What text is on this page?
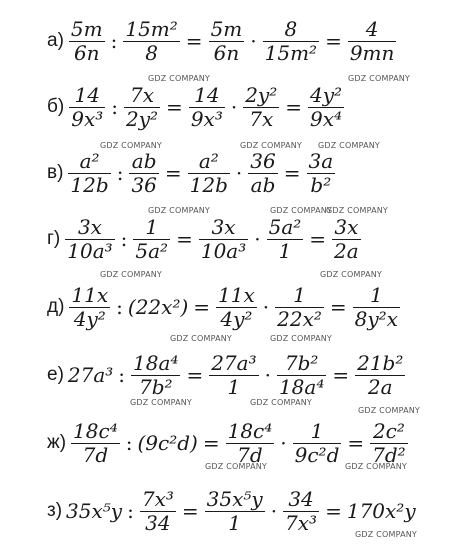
$а) \frac{5m}{6n}$ : $\frac{\text{15m²}}{8} = \frac{5m}{6n} \cdot \frac{8}{\text{15m²}} = \frac{4}{9mn}$
$б) \frac{14}{\text{9x³}}$ : $\frac{7x}{\text{2y²}} = \frac{14}{\text{9x³}} \cdot \frac{\text{2y²}}{7x} = \frac{\text{4y²}}{\text{9x⁴}}$
$в) \frac{\text{a²}}{12b}$ : $\frac{ab}{36} = \frac{\text{a²}}{12b} \cdot \frac{36}{ab} = \frac{3a}{\text{b²}}$
$г) \frac{3x}{\text{10a³}}$ : $\frac{1}{\text{5a²}} = \frac{3x}{\text{10a³}} \cdot \frac{\text{5a²}}{1} = \frac{3x}{2a}$
$д) \frac{11x}{\text{4y²}}$ : $(22x^2) = \frac{11x}{\text{4y²}} \cdot \frac{1}{\text{22x²}} = \frac{1}{\text{8y²x}}$
е) 27a³ : $\frac{\text{18a⁴}}{\text{7b²}} = \frac{\text{27a³}}{1} \cdot \frac{\text{7b²}}{\text{18a⁴}} = \frac{\text{21b²}}{2a}$
$ж) \frac{\text{18c⁴}}{7d}$ : $(9c^2d) = \frac{\text{18c⁴}}{7d} \cdot \frac{1}{\text{9c²d}} = \frac{\text{2c²}}{\text{7d²}}$
з) 35x⁵y : $\frac{\text{7x³}}{34} = \frac{\text{35x⁵y}}{1} \cdot \frac{34}{\text{7x³}} = 170x^2y$
GDZ COMPANY	GDZ COMPANY
GDZ COMPANY	GDZ COMPANY GDZ COMPANY
GDZ COMPANY	GDZ COMPANY
GDZ COMPANY
GDZ COMPANY	GDZ COMPANY
GDZ COMPANY	GDZ COMPANY
GDZ COMPANY	GDZ COMPANY
GDZ COMPANY
GDZ COMPANY	GDZ COMPANY
GDZ COMPANY
